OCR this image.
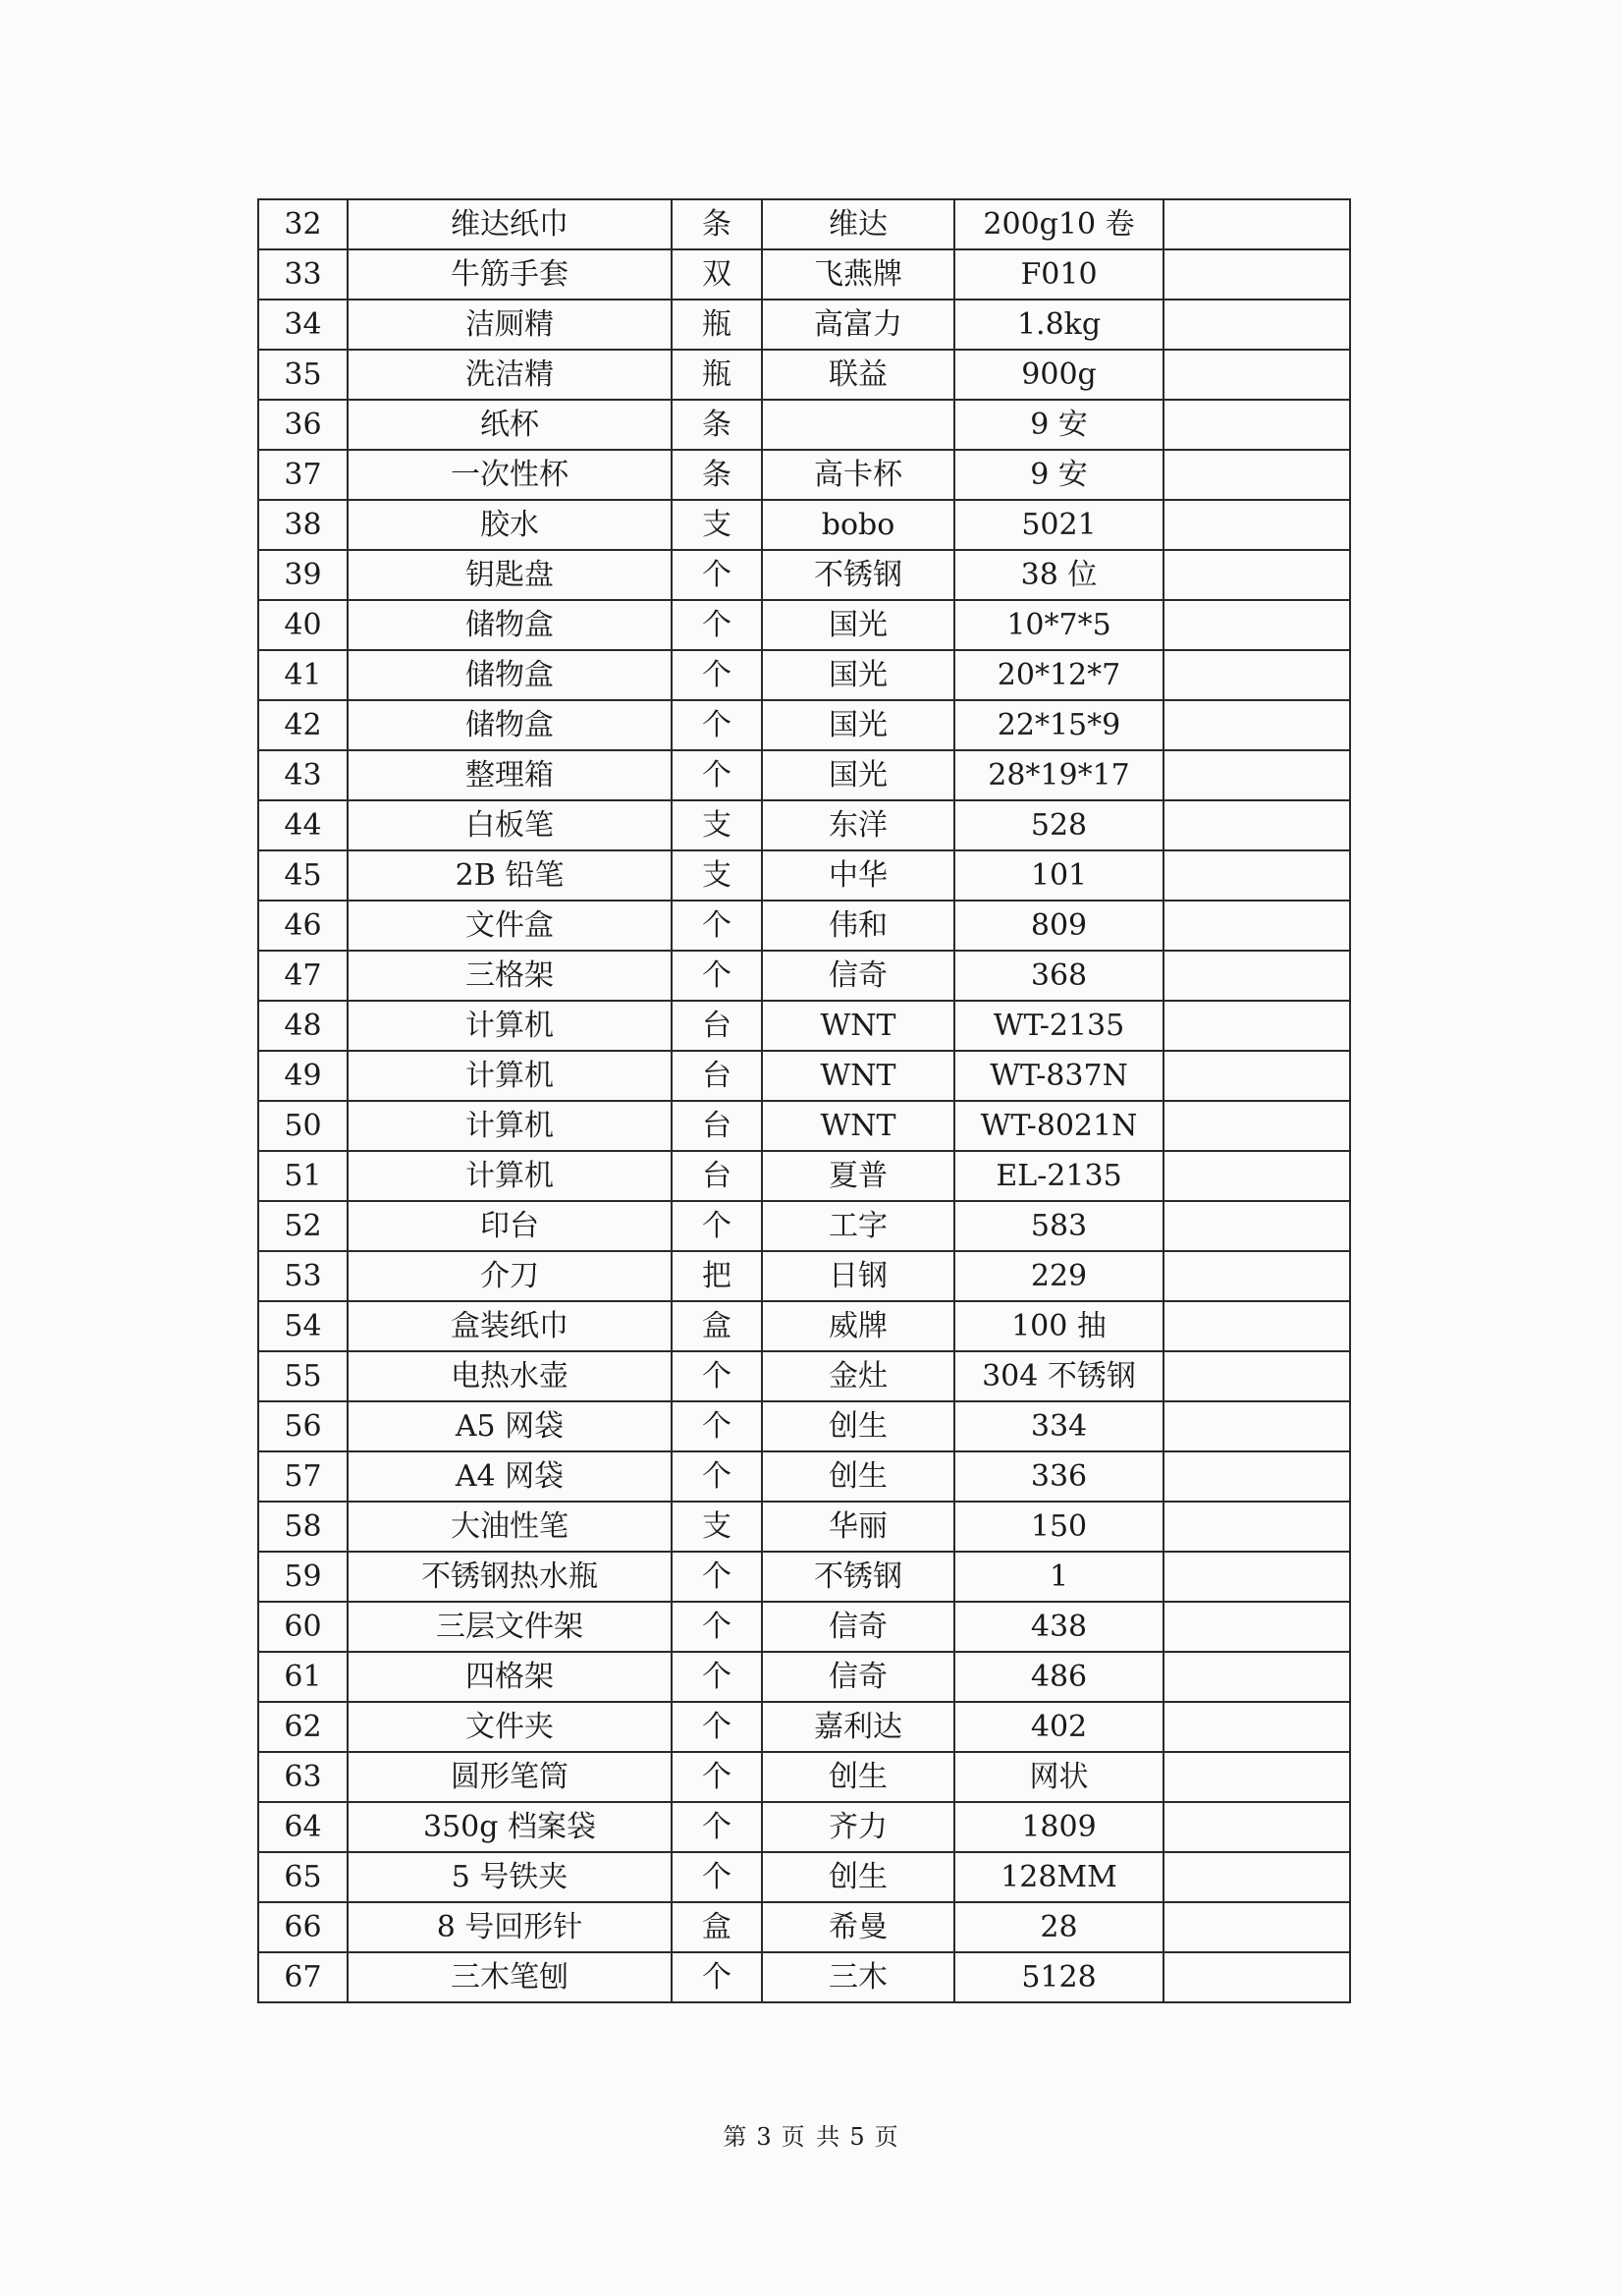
32	维达纸巾	条	维达	200g10 卷	
33	牛筋手套	双	飞燕牌	F010	
34	洁厕精	瓶	高富力	1.8kg	
35	洗洁精	瓶	联益	900g	
36	纸杯	条		9 安	
37	一次性杯	条	高卡杯	9 安	
38	胶水	支	bobo	5021	
39	钥匙盘	个	不锈钢	38 位	
40	储物盒	个	国光	10*7*5	
41	储物盒	个	国光	20*12*7	
42	储物盒	个	国光	22*15*9	
43	整理箱	个	国光	28*19*17	
44	白板笔	支	东洋	528	
45	2B 铅笔	支	中华	101	
46	文件盒	个	伟和	809	
47	三格架	个	信奇	368	
48	计算机	台	WNT	WT-2135	
49	计算机	台	WNT	WT-837N	
50	计算机	台	WNT	WT-8021N	
51	计算机	台	夏普	EL-2135	
52	印台	个	工字	583	
53	介刀	把	日钢	229	
54	盒装纸巾	盒	威牌	100 抽	
55	电热水壶	个	金灶	304 不锈钢	
56	A5 网袋	个	创生	334	
57	A4 网袋	个	创生	336	
58	大油性笔	支	华丽	150	
59	不锈钢热水瓶	个	不锈钢	1	
60	三层文件架	个	信奇	438	
61	四格架	个	信奇	486	
62	文件夹	个	嘉利达	402	
63	圆形笔筒	个	创生	网状	
64	350g 档案袋	个	齐力	1809	
65	5 号铁夹	个	创生	128MM	
66	8 号回形针	盒	希曼	28	
67	三木笔刨	个	三木	5128	
第 3 页 共 5 页
